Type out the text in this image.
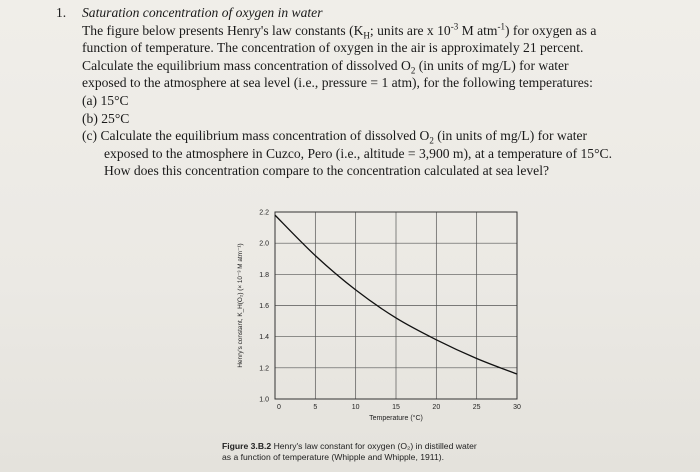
1. Saturation concentration of oxygen in water

The figure below presents Henry's law constants ($K_H$; units are x $10^{-3}$ M atm$^{-1}$) for oxygen as a

function of temperature. The concentration of oxygen in the air is approximately 21 percent.

Calculate the equilibrium mass concentration of dissolved $O_2$ (in units of mg/L) for water

exposed to the atmosphere at sea level (i.e., pressure = 1 atm), for the following temperatures:

(a) 15°C

(b) 25°C

(c) Calculate the equilibrium mass concentration of dissolved $O_2$ (in units of mg/L) for water

exposed to the atmosphere in Cuzco, Pero (i.e., altitude = 3,900 m), at a temperature of 15°C.

How does this concentration compare to the concentration calculated at sea level?

0	5	10	15	20	25	30
1.0
1.2
1.4
1.6
1.8
2.0
2.2
Temperature (°C)
Henry's constant, K_H(O₂) (× 10⁻³ M atm⁻¹)
Figure 3.B.2 Henry's law constant for oxygen (O₂) in distilled water
as a function of temperature (Whipple and Whipple, 1911).
